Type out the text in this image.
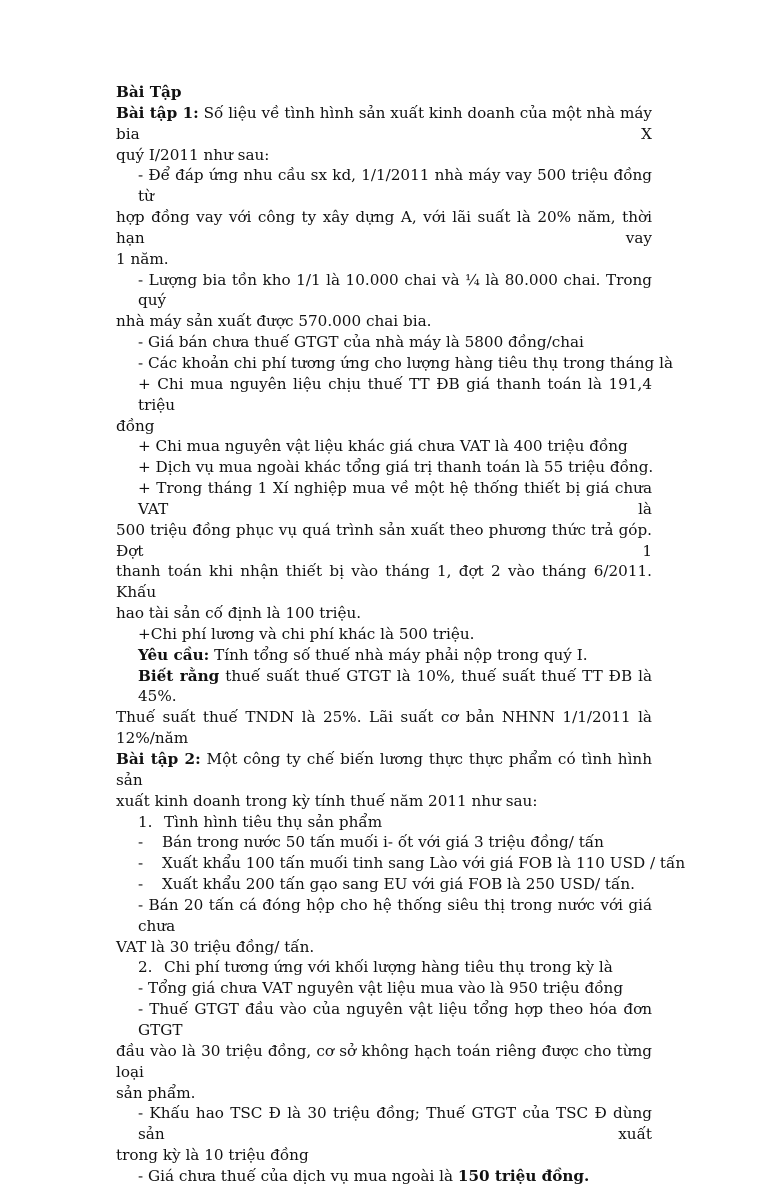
Bài Tập
Bài tập 1: Số liệu về tình hình sản xuất kinh doanh của một nhà máy bia X
quý I/2011 như sau:
- Để đáp ứng nhu cầu sx kd, 1/1/2011 nhà máy vay 500 triệu đồng từ
hợp đồng vay với công ty xây dựng A, với lãi suất là 20% năm, thời hạn vay
1 năm.
- Lượng bia tồn kho 1/1 là 10.000 chai và ¼ là 80.000 chai. Trong quý
nhà máy sản xuất được 570.000 chai bia.
- Giá bán chưa thuế GTGT của nhà máy là 5800 đồng/chai
- Các khoản chi phí tương ứng cho lượng hàng tiêu thụ trong tháng là
+ Chi mua nguyên liệu chịu thuế TT ĐB giá thanh toán là 191,4 triệu
đồng
+ Chi mua nguyên vật liệu khác giá chưa VAT là 400 triệu đồng
+ Dịch vụ mua ngoài khác tổng giá trị thanh toán là 55 triệu đồng.
+ Trong tháng 1 Xí nghiệp mua về một hệ thống thiết bị giá chưa VAT là
500 triệu đồng phục vụ quá trình sản xuất theo phương thức trả góp. Đợt 1
thanh toán khi nhận thiết bị vào tháng 1, đợt 2 vào tháng 6/2011. Khấu
hao tài sản cố định là 100 triệu.
+Chi phí lương và chi phí khác là 500 triệu.
Yêu cầu: Tính tổng số thuế nhà máy phải nộp trong quý I.
Biết rằng thuế suất thuế GTGT là 10%, thuế suất thuế TT ĐB là 45%.
Thuế suất thuế TNDN là 25%. Lãi suất cơ bản NHNN 1/1/2011 là
12%/năm
Bài tập 2: Một công ty chế biến lương thực thực phẩm có tình hình sản
xuất kinh doanh trong kỳ tính thuế năm 2011 như sau:
1. Tình hình tiêu thụ sản phẩm
- Bán trong nước 50 tấn muối i- ốt với giá 3 triệu đồng/ tấn
- Xuất khẩu 100 tấn muối tinh sang Lào với giá FOB là 110 USD / tấn
- Xuất khẩu 200 tấn gạo sang EU với giá FOB là 250 USD/ tấn.
- Bán 20 tấn cá đóng hộp cho hệ thống siêu thị trong nước với giá chưa
VAT là 30 triệu đồng/ tấn.
2. Chi phí tương ứng với khối lượng hàng tiêu thụ trong kỳ là
- Tổng giá chưa VAT nguyên vật liệu mua vào là 950 triệu đồng
- Thuế GTGT đầu vào của nguyên vật liệu tổng hợp theo hóa đơn GTGT
đầu vào là 30 triệu đồng, cơ sở không hạch toán riêng được cho từng loại
sản phẩm.
- Khấu hao TSC Đ là 30 triệu đồng; Thuế GTGT của TSC Đ dùng sản xuất
trong kỳ là 10 triệu đồng
- Giá chưa thuế của dịch vụ mua ngoài là 150 triệu đồng.
